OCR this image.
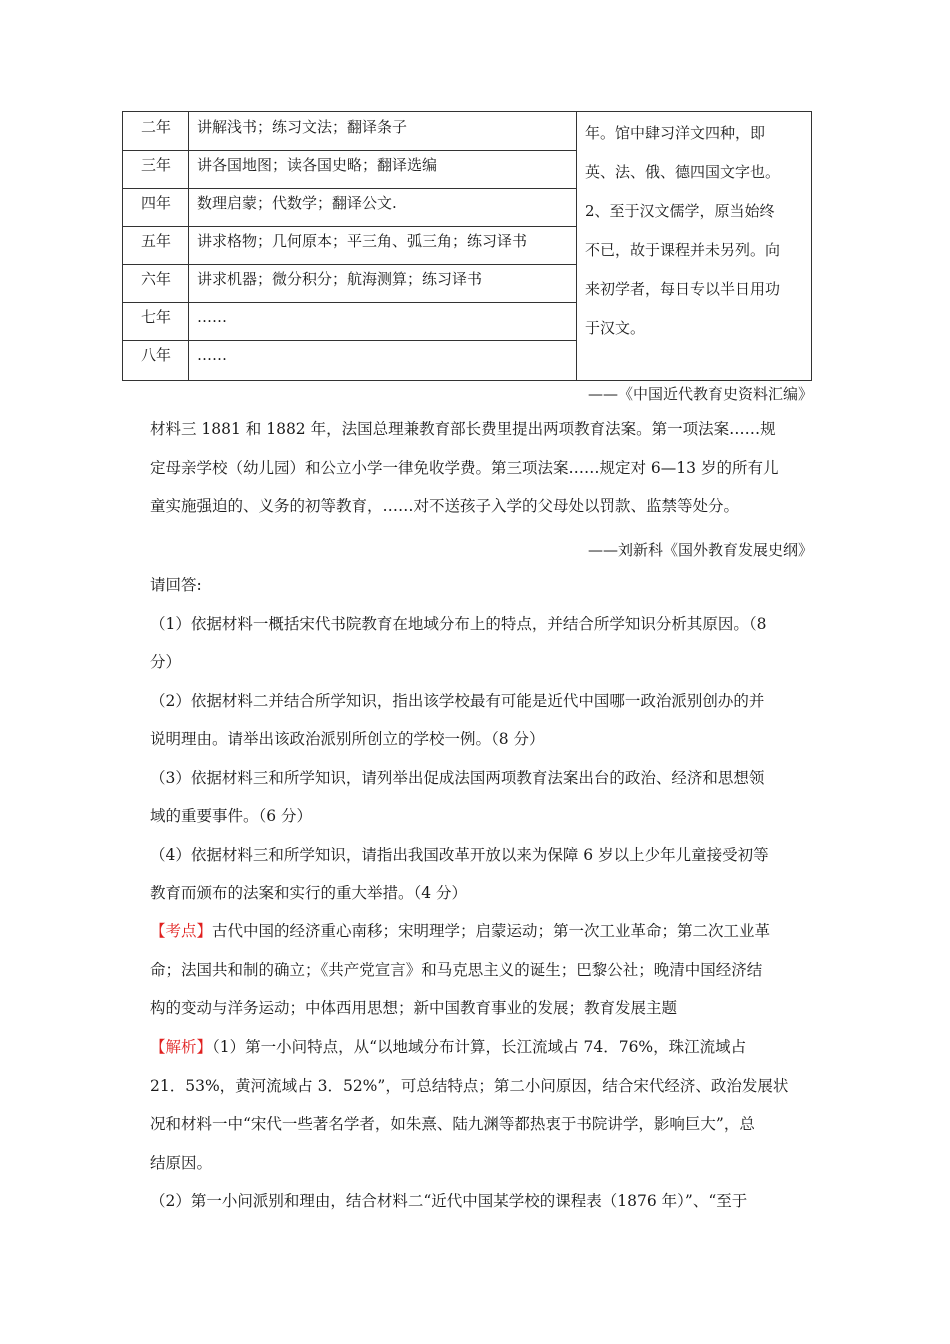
二年	讲解浅书；练习文法；翻译条子
三年	讲各国地图；读各国史略；翻译选编
四年	数理启蒙；代数学；翻译公文.
五年	讲求格物；几何原本；平三角、弧三角；练习译书
六年	讲求机器；微分积分；航海测算；练习译书
七年	……
八年	……

年。馆中肆习洋文四种，即

英、法、俄、德四国文字也。

2、至于汉文儒学，原当始终

不已，故于课程并未另列。向

来初学者，每日专以半日用功

于汉文。

——《中国近代教育史资料汇编》

材料三 1881 和 1882 年，法国总理兼教育部长费里提出两项教育法案。第一项法案……规

定母亲学校（幼儿园）和公立小学一律免收学费。第三项法案……规定对 6—13 岁的所有儿

童实施强迫的、义务的初等教育，……对不送孩子入学的父母处以罚款、监禁等处分。

——刘新科《国外教育发展史纲》

请回答:

（1）依据材料一概括宋代书院教育在地域分布上的特点，并结合所学知识分析其原因。（8

分）

（2）依据材料二并结合所学知识，指出该学校最有可能是近代中国哪一政治派别创办的并

说明理由。请举出该政治派别所创立的学校一例。（8 分）

（3）依据材料三和所学知识，请列举出促成法国两项教育法案出台的政治、经济和思想领

域的重要事件。（6 分）

（4）依据材料三和所学知识，请指出我国改革开放以来为保障 6 岁以上少年儿童接受初等

教育而颁布的法案和实行的重大举措。（4 分）

【考点】古代中国的经济重心南移；宋明理学；启蒙运动；第一次工业革命；第二次工业革

命；法国共和制的确立；《共产党宣言》和马克思主义的诞生；巴黎公社；晚清中国经济结

构的变动与洋务运动；中体西用思想；新中国教育事业的发展；教育发展主题

【解析】（1）第一小问特点，从“以地域分布计算，长江流域占 74．76%，珠江流域占

21．53%，黄河流域占 3．52%”，可总结特点；第二小问原因，结合宋代经济、政治发展状

况和材料一中“宋代一些著名学者，如朱熹、陆九渊等都热衷于书院讲学，影响巨大”，总

结原因。

（2）第一小问派别和理由，结合材料二“近代中国某学校的课程表（1876 年）”、“至于
